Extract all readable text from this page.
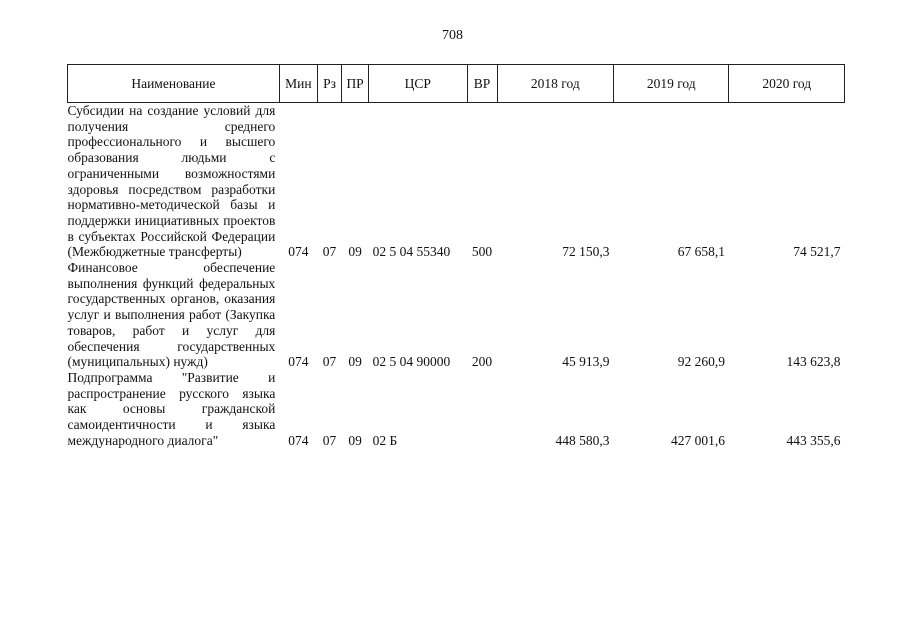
708
Наименование	Мин	Рз	ПР	ЦСР	ВР	2018 год	2019 год	2020 год
Субсидии на создание условий для получения среднего профессионального и высшего образования людьми с ограниченными возможностями здоровья посредством разработки нормативно-методической базы и поддержки инициативных проектов в субъектах Российской Федерации (Межбюджетные трансферты)	074	07	09	02 5 04 55340	500	72 150,3	67 658,1	74 521,7
Финансовое обеспечение выполнения функций федеральных государственных органов, оказания услуг и выполнения работ (Закупка товаров, работ и услуг для обеспечения государственных (муниципальных) нужд)	074	07	09	02 5 04 90000	200	45 913,9	92 260,9	143 623,8
Подпрограмма "Развитие и распространение русского языка как основы гражданской самоидентичности и языка международного диалога"	074	07	09	02 Б		448 580,3	427 001,6	443 355,6
